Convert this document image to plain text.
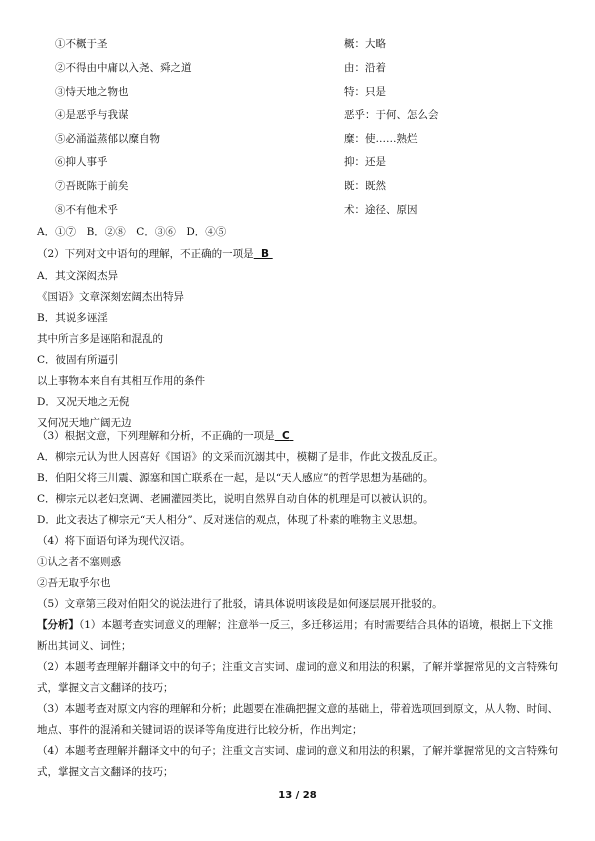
①不概于圣	概：大略
②不得由中庸以入尧、舜之道	由：沿着
③恃天地之物也	特：只是
④是恶乎与我谋	恶乎：于何、怎么会
⑤必涌溢蒸郁以糜自物	糜：使……熟烂
⑥抑人事乎	抑：还是
⑦吾既陈于前矣	既：既然
⑧不有他术乎	术：途径、原因
A．①⑦　B．②⑧　C．③⑥　D．④⑤
（2）下列对文中语句的理解，不正确的一项是 B
A．其文深闳杰异
《国语》文章深刻宏阔杰出特异
B．其说多诬淫
其中所言多是诬陷和混乱的
C．彼固有所逼引
以上事物本来自有其相互作用的条件
D．又况天地之无倪
又何况天地广阔无边
（3）根据文意，下列理解和分析，不正确的一项是 C
A．柳宗元认为世人因喜好《国语》的文采而沉溺其中，模糊了是非，作此文拨乱反正。
B．伯阳父将三川震、源塞和国亡联系在一起，是以“天人感应”的哲学思想为基础的。
C．柳宗元以老妇烹调、老圃灌园类比，说明自然界自动自体的机理是可以被认识的。
D．此文表达了柳宗元“天人相分”、反对迷信的观点，体现了朴素的唯物主义思想。
（4）将下面语句译为现代汉语。
①认之者不塞则惑
②吾无取乎尔也
（5）文章第三段对伯阳父的说法进行了批驳，请具体说明该段是如何逐层展开批驳的。
【分析】（1）本题考查实词意义的理解；注意举一反三，多迁移运用；有时需要结合具体的语境，根据上下文推
断出其词义、词性；
（2）本题考查理解并翻译文中的句子；注重文言实词、虚词的意义和用法的积累，了解并掌握常见的文言特殊句
式，掌握文言文翻译的技巧；
（3）本题考查对原文内容的理解和分析；此题要在准确把握文意的基础上，带着选项回到原文，从人物、时间、
地点、事件的混淆和关键词语的误译等角度进行比较分析，作出判定；
（4）本题考查理解并翻译文中的句子；注重文言实词、虚词的意义和用法的积累，了解并掌握常见的文言特殊句
式，掌握文言文翻译的技巧；
13 / 28
